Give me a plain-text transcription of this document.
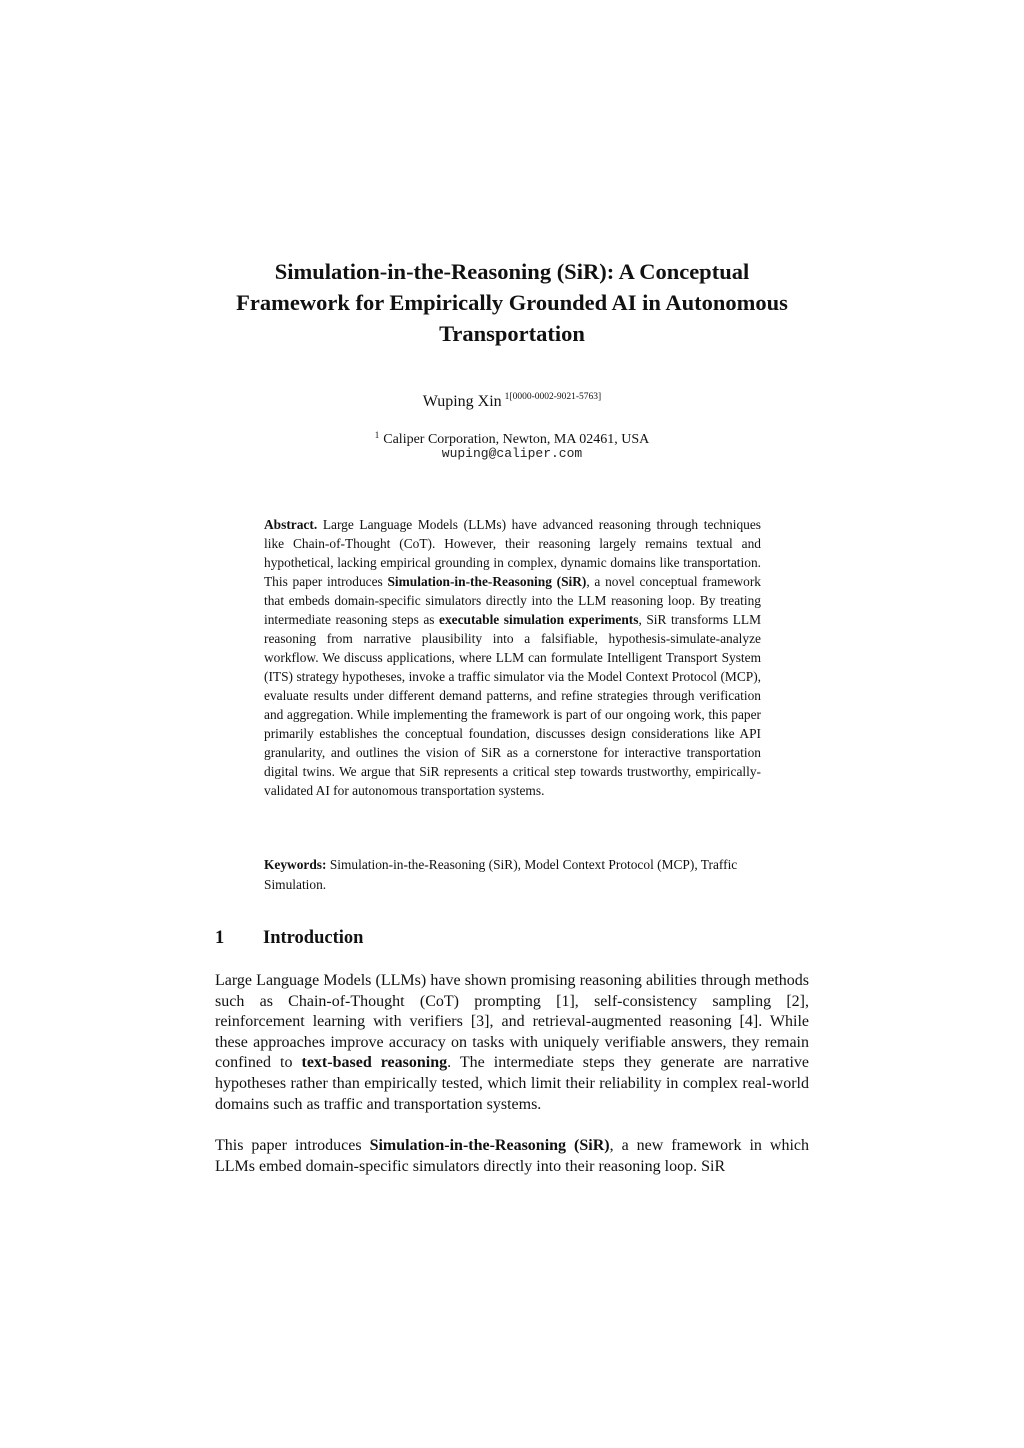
Simulation-in-the-Reasoning (SiR): A Conceptual
Framework for Empirically Grounded AI in Autonomous
Transportation
Wuping Xin $^{1[0000-0002-9021-5763]}$
$^1$ Caliper Corporation, Newton, MA 02461, USA
wuping@caliper.com

Abstract. Large Language Models (LLMs) have advanced reasoning through techniques like Chain-of-Thought (CoT). However, their reasoning largely remains textual and hypothetical, lacking empirical grounding in complex, dynamic domains like transportation. This paper introduces Simulation-in-the-Reasoning (SiR), a novel conceptual framework that embeds domain-specific simulators directly into the LLM reasoning loop. By treating intermediate reasoning steps as executable simulation experiments, SiR transforms LLM reasoning from narrative plausibility into a falsifiable, hypothesis-simulate-analyze workflow. We discuss applications, where LLM can formulate Intelligent Transport System (ITS) strategy hypotheses, invoke a traffic simulator via the Model Context Protocol (MCP), evaluate results under different demand patterns, and refine strategies through verification and aggregation. While implementing the framework is part of our ongoing work, this paper primarily establishes the conceptual foundation, discusses design considerations like API granularity, and outlines the vision of SiR as a cornerstone for interactive transportation digital twins. We argue that SiR represents a critical step towards trustworthy, empirically-validated AI for autonomous transportation systems.

Keywords: Simulation-in-the-Reasoning (SiR), Model Context Protocol (MCP), Traffic Simulation.

1 Introduction

Large Language Models (LLMs) have shown promising reasoning abilities through methods such as Chain-of-Thought (CoT) prompting [1], self-consistency sampling [2], reinforcement learning with verifiers [3], and retrieval-augmented reasoning [4]. While these approaches improve accuracy on tasks with uniquely verifiable answers, they remain confined to text-based reasoning. The intermediate steps they generate are narrative hypotheses rather than empirically tested, which limit their reliability in complex real-world domains such as traffic and transportation systems.

This paper introduces Simulation-in-the-Reasoning (SiR), a new framework in which LLMs embed domain-specific simulators directly into their reasoning loop. SiR
